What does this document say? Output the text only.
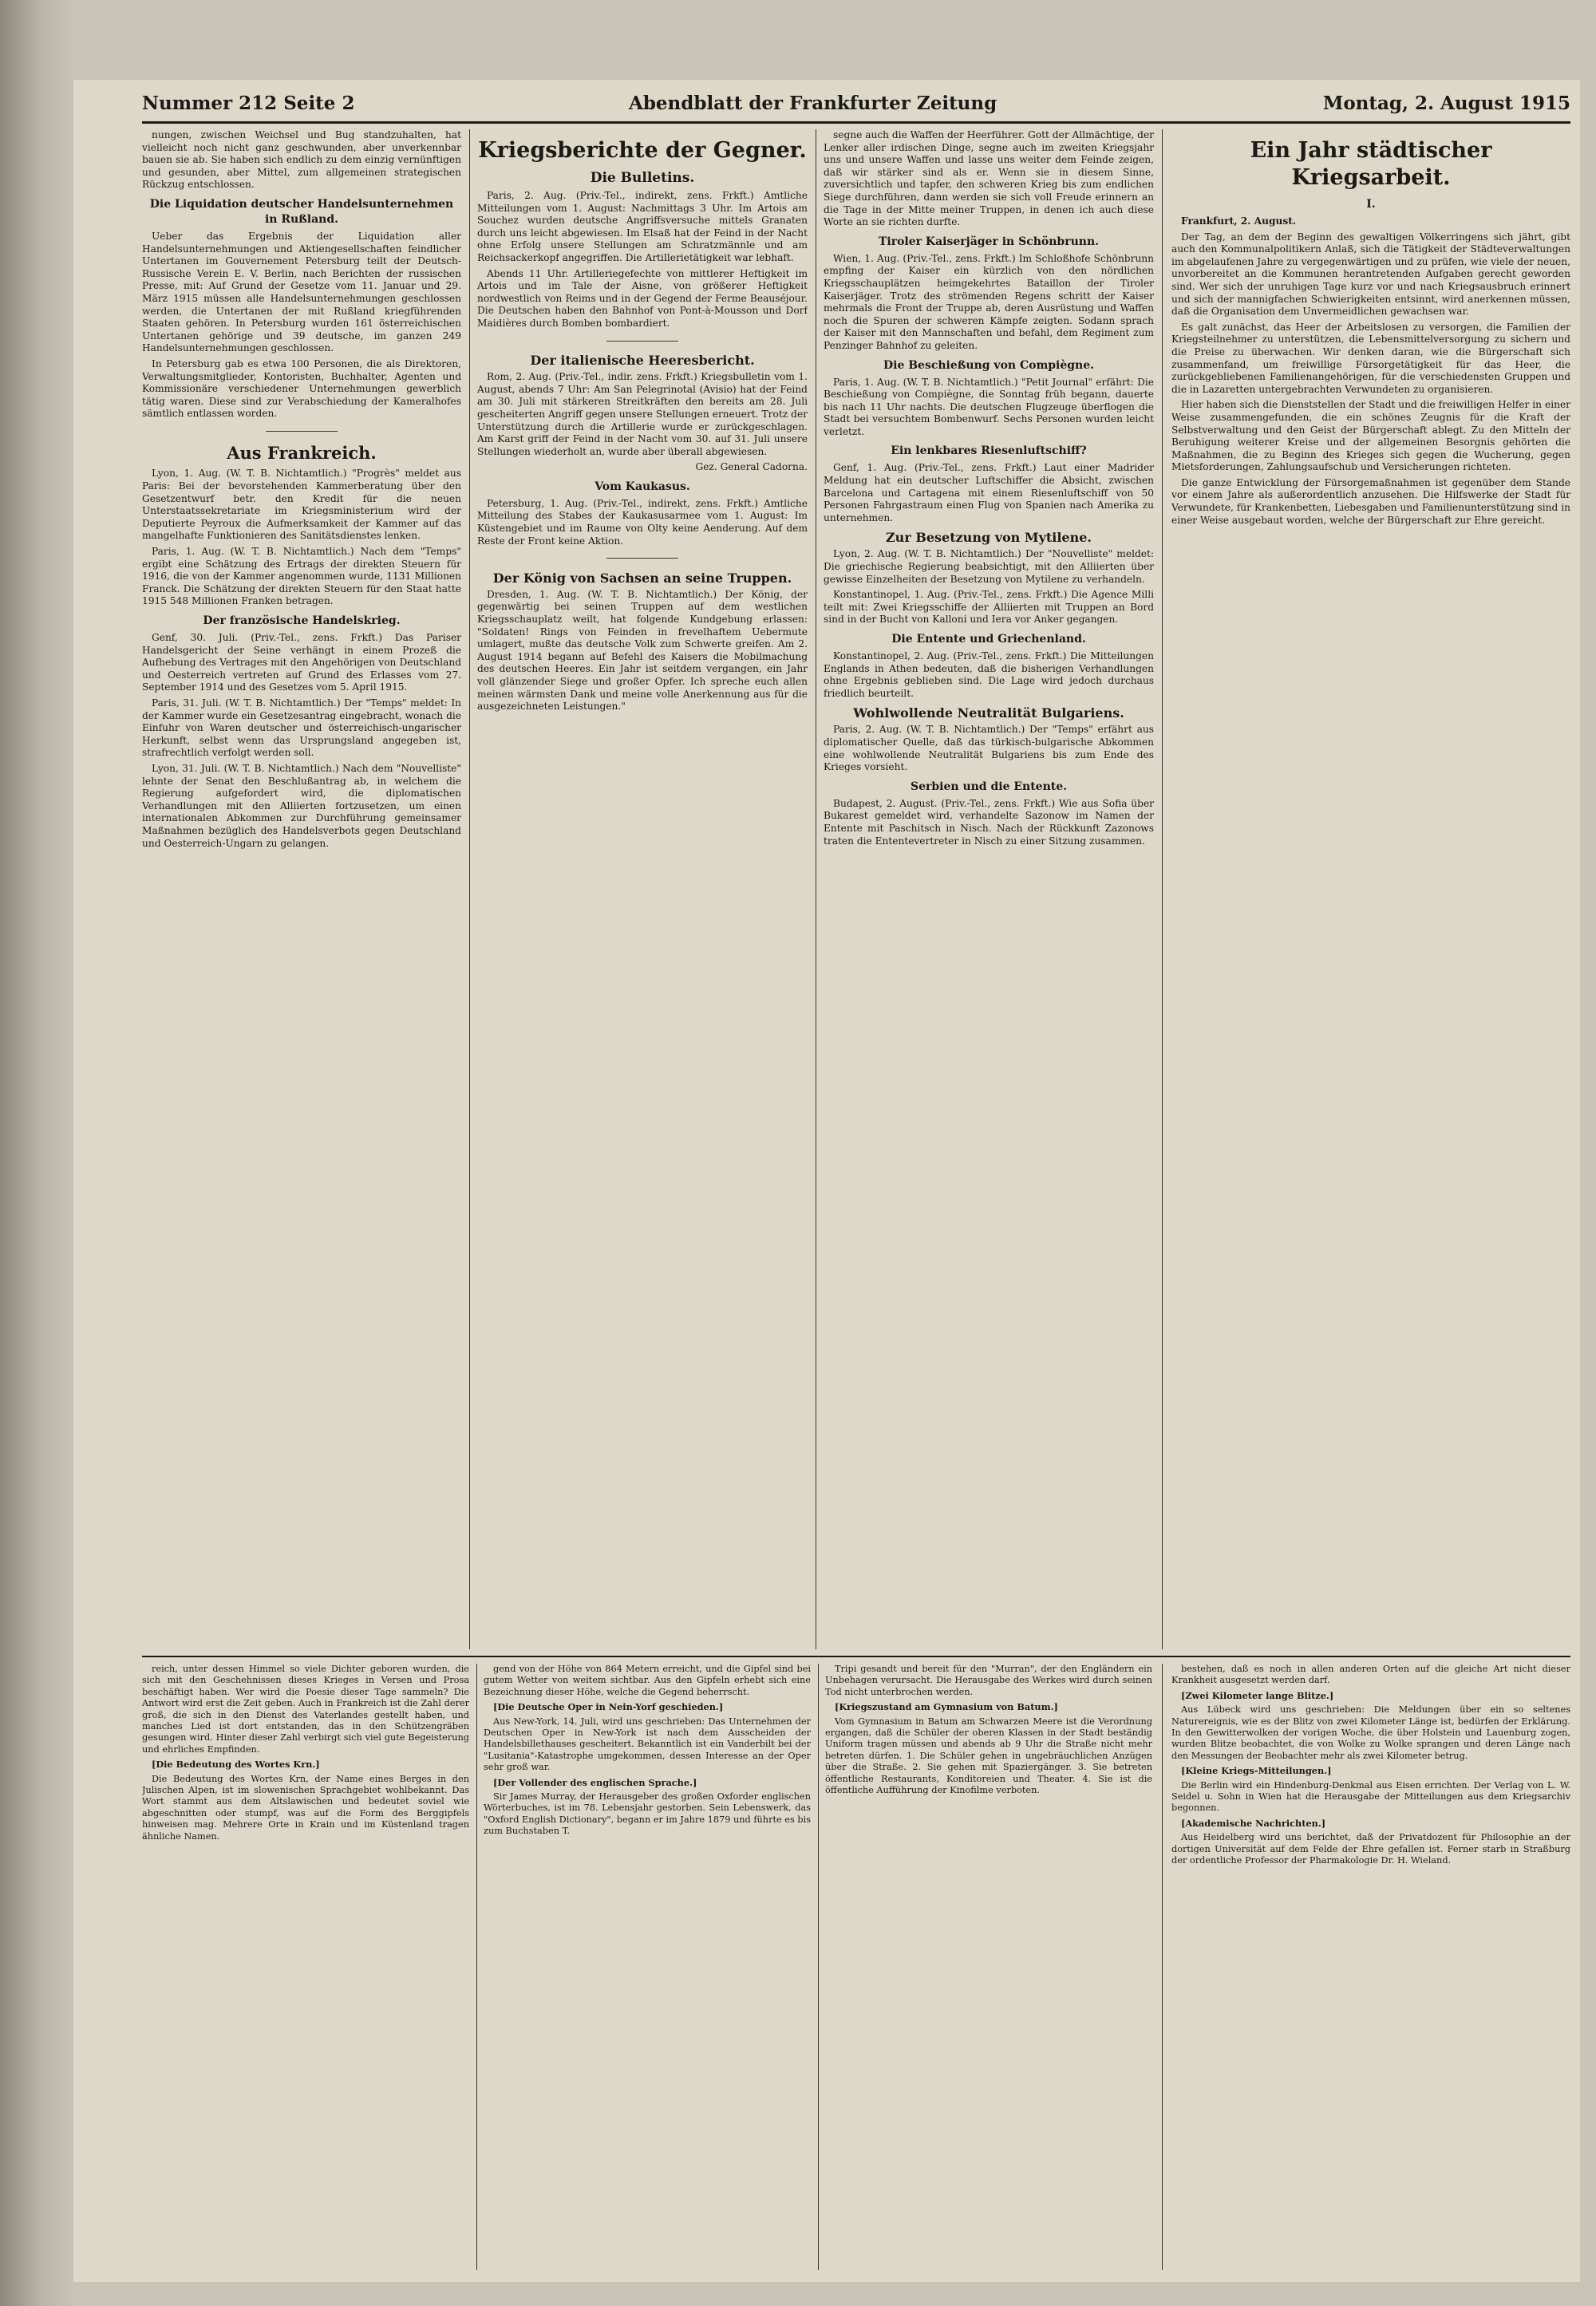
Nummer 212 Seite 2	Abendblatt der Frankfurter Zeitung	Montag, 2. August 1915

nungen, zwischen Weichsel und Bug standzuhalten, hat vielleicht noch nicht ganz geschwunden, aber unverkennbar bauen sie ab. Sie haben sich endlich zu dem einzig vernünftigen und gesunden, aber Mittel, zum allgemeinen strategischen Rückzug entschlossen.

Die Liquidation deutscher Handelsunternehmen in Rußland.

Ueber das Ergebnis der Liquidation aller Handelsunternehmungen und Aktiengesellschaften feindlicher Untertanen im Gouvernement Petersburg teilt der Deutsch-Russische Verein E. V. Berlin, nach Berichten der russischen Presse, mit: Auf Grund der Gesetze vom 11. Januar und 29. März 1915 müssen alle Handelsunternehmungen geschlossen werden, die Untertanen der mit Rußland kriegführenden Staaten gehören. In Petersburg wurden 161 österreichischen Untertanen gehörige und 39 deutsche, im ganzen 249 Handelsunternehmungen geschlossen.

In Petersburg gab es etwa 100 Personen, die als Direktoren, Verwaltungsmitglieder, Kontoristen, Buchhalter, Agenten und Kommissionäre verschiedener Unternehmungen gewerblich tätig waren. Diese sind zur Verabschiedung der Kameralhofes sämtlich entlassen worden.

Aus Frankreich.

Lyon, 1. Aug. (W. T. B. Nichtamtlich.) "Progrès" meldet aus Paris: Bei der bevorstehenden Kammerberatung über den Gesetzentwurf betr. den Kredit für die neuen Unterstaatssekretariate im Kriegsministerium wird der Deputierte Peyroux die Aufmerksamkeit der Kammer auf das mangelhafte Funktionieren des Sanitätsdienstes lenken.

Paris, 1. Aug. (W. T. B. Nichtamtlich.) Nach dem "Temps" ergibt eine Schätzung des Ertrags der direkten Steuern für 1916, die von der Kammer angenommen wurde, 1131 Millionen Franck. Die Schätzung der direkten Steuern für den Staat hatte 1915 548 Millionen Franken betragen.

Der französische Handelskrieg.

Genf, 30. Juli. (Priv.-Tel., zens. Frkft.) Das Pariser Handelsgericht der Seine verhängt in einem Prozeß die Aufhebung des Vertrages mit den Angehörigen von Deutschland und Oesterreich vertreten auf Grund des Erlasses vom 27. September 1914 und des Gesetzes vom 5. April 1915.

Paris, 31. Juli. (W. T. B. Nichtamtlich.) Der "Temps" meldet: In der Kammer wurde ein Gesetzesantrag eingebracht, wonach die Einfuhr von Waren deutscher und österreichisch-ungarischer Herkunft, selbst wenn das Ursprungsland angegeben ist, strafrechtlich verfolgt werden soll.

Lyon, 31. Juli. (W. T. B. Nichtamtlich.) Nach dem "Nouvelliste" lehnte der Senat den Beschlußantrag ab, in welchem die Regierung aufgefordert wird, die diplomatischen Verhandlungen mit den Alliierten fortzusetzen, um einen internationalen Abkommen zur Durchführung gemeinsamer Maßnahmen bezüglich des Handelsverbots gegen Deutschland und Oesterreich-Ungarn zu gelangen.

Kriegsberichte der Gegner.
Die Bulletins.

Paris, 2. Aug. (Priv.-Tel., indirekt, zens. Frkft.) Amtliche Mitteilungen vom 1. August: Nachmittags 3 Uhr. Im Artois am Souchez wurden deutsche Angriffsversuche mittels Granaten durch uns leicht abgewiesen. Im Elsaß hat der Feind in der Nacht ohne Erfolg unsere Stellungen am Schratzmännle und am Reichsackerkopf angegriffen. Die Artillerietätigkeit war lebhaft.

Abends 11 Uhr. Artilleriegefechte von mittlerer Heftigkeit im Artois und im Tale der Aisne, von größerer Heftigkeit nordwestlich von Reims und in der Gegend der Ferme Beauséjour. Die Deutschen haben den Bahnhof von Pont-à-Mousson und Dorf Maidières durch Bomben bombardiert.

Der italienische Heeresbericht.

Rom, 2. Aug. (Priv.-Tel., indir. zens. Frkft.) Kriegsbulletin vom 1. August, abends 7 Uhr: Am San Pelegrinotal (Avisio) hat der Feind am 30. Juli mit stärkeren Streitkräften den bereits am 28. Juli gescheiterten Angriff gegen unsere Stellungen erneuert. Trotz der Unterstützung durch die Artillerie wurde er zurückgeschlagen. Am Karst griff der Feind in der Nacht vom 30. auf 31. Juli unsere Stellungen wiederholt an, wurde aber überall abgewiesen.

Gez. General Cadorna.

Vom Kaukasus.

Petersburg, 1. Aug. (Priv.-Tel., indirekt, zens. Frkft.) Amtliche Mitteilung des Stabes der Kaukasusarmee vom 1. August: Im Küstengebiet und im Raume von Olty keine Aenderung. Auf dem Reste der Front keine Aktion.

Der König von Sachsen an seine Truppen.

Dresden, 1. Aug. (W. T. B. Nichtamtlich.) Der König, der gegenwärtig bei seinen Truppen auf dem westlichen Kriegsschauplatz weilt, hat folgende Kundgebung erlassen: "Soldaten! Rings von Feinden in frevelhaftem Uebermute umlagert, mußte das deutsche Volk zum Schwerte greifen. Am 2. August 1914 begann auf Befehl des Kaisers die Mobilmachung des deutschen Heeres. Ein Jahr ist seitdem vergangen, ein Jahr voll glänzender Siege und großer Opfer. Ich spreche euch allen meinen wärmsten Dank und meine volle Anerkennung aus für die ausgezeichneten Leistungen."

segne auch die Waffen der Heerführer. Gott der Allmächtige, der Lenker aller irdischen Dinge, segne auch im zweiten Kriegsjahr uns und unsere Waffen und lasse uns weiter dem Feinde zeigen, daß wir stärker sind als er. Wenn sie in diesem Sinne, zuversichtlich und tapfer, den schweren Krieg bis zum endlichen Siege durchführen, dann werden sie sich voll Freude erinnern an die Tage in der Mitte meiner Truppen, in denen ich auch diese Worte an sie richten durfte.

Tiroler Kaiserjäger in Schönbrunn.

Wien, 1. Aug. (Priv.-Tel., zens. Frkft.) Im Schloßhofe Schönbrunn empfing der Kaiser ein kürzlich von den nördlichen Kriegsschauplätzen heimgekehrtes Bataillon der Tiroler Kaiserjäger. Trotz des strömenden Regens schritt der Kaiser mehrmals die Front der Truppe ab, deren Ausrüstung und Waffen noch die Spuren der schweren Kämpfe zeigten. Sodann sprach der Kaiser mit den Mannschaften und befahl, dem Regiment zum Penzinger Bahnhof zu geleiten.

Die Beschießung von Compiègne.

Paris, 1. Aug. (W. T. B. Nichtamtlich.) "Petit Journal" erfährt: Die Beschießung von Compiègne, die Sonntag früh begann, dauerte bis nach 11 Uhr nachts. Die deutschen Flugzeuge überflogen die Stadt bei versuchtem Bombenwurf. Sechs Personen wurden leicht verletzt.

Ein lenkbares Riesenluftschiff?

Genf, 1. Aug. (Priv.-Tel., zens. Frkft.) Laut einer Madrider Meldung hat ein deutscher Luftschiffer die Absicht, zwischen Barcelona und Cartagena mit einem Riesenluftschiff von 50 Personen Fahrgastraum einen Flug von Spanien nach Amerika zu unternehmen.

Zur Besetzung von Mytilene.

Lyon, 2. Aug. (W. T. B. Nichtamtlich.) Der "Nouvelliste" meldet: Die griechische Regierung beabsichtigt, mit den Alliierten über gewisse Einzelheiten der Besetzung von Mytilene zu verhandeln.

Konstantinopel, 1. Aug. (Priv.-Tel., zens. Frkft.) Die Agence Milli teilt mit: Zwei Kriegsschiffe der Alliierten mit Truppen an Bord sind in der Bucht von Kalloni und Iera vor Anker gegangen.

Die Entente und Griechenland.

Konstantinopel, 2. Aug. (Priv.-Tel., zens. Frkft.) Die Mitteilungen Englands in Athen bedeuten, daß die bisherigen Verhandlungen ohne Ergebnis geblieben sind. Die Lage wird jedoch durchaus friedlich beurteilt.

Wohlwollende Neutralität Bulgariens.

Paris, 2. Aug. (W. T. B. Nichtamtlich.) Der "Temps" erfährt aus diplomatischer Quelle, daß das türkisch-bulgarische Abkommen eine wohlwollende Neutralität Bulgariens bis zum Ende des Krieges vorsieht.

Serbien und die Entente.

Budapest, 2. August. (Priv.-Tel., zens. Frkft.) Wie aus Sofia über Bukarest gemeldet wird, verhandelte Sazonow im Namen der Entente mit Paschitsch in Nisch. Nach der Rückkunft Zazonows traten die Ententevertreter in Nisch zu einer Sitzung zusammen.

Ein Jahr städtischer Kriegsarbeit.
I.

Frankfurt, 2. August.

Der Tag, an dem der Beginn des gewaltigen Völkerringens sich jährt, gibt auch den Kommunalpolitikern Anlaß, sich die Tätigkeit der Städteverwaltungen im abgelaufenen Jahre zu vergegenwärtigen und zu prüfen, wie viele der neuen, unvorbereitet an die Kommunen herantretenden Aufgaben gerecht geworden sind. Wer sich der unruhigen Tage kurz vor und nach Kriegsausbruch erinnert und sich der mannigfachen Schwierigkeiten entsinnt, wird anerkennen müssen, daß die Organisation dem Unvermeidlichen gewachsen war.

Es galt zunächst, das Heer der Arbeitslosen zu versorgen, die Familien der Kriegsteilnehmer zu unterstützen, die Lebensmittelversorgung zu sichern und die Preise zu überwachen. Wir denken daran, wie die Bürgerschaft sich zusammenfand, um freiwillige Fürsorgetätigkeit für das Heer, die zurückgebliebenen Familienangehörigen, für die verschiedensten Gruppen und die in Lazaretten untergebrachten Verwundeten zu organisieren.

Hier haben sich die Dienststellen der Stadt und die freiwilligen Helfer in einer Weise zusammengefunden, die ein schönes Zeugnis für die Kraft der Selbstverwaltung und den Geist der Bürgerschaft ablegt. Zu den Mitteln der Beruhigung weiterer Kreise und der allgemeinen Besorgnis gehörten die Maßnahmen, die zu Beginn des Krieges sich gegen die Wucherung, gegen Mietsforderungen, Zahlungsaufschub und Versicherungen richteten.

Die ganze Entwicklung der Fürsorgemaßnahmen ist gegenüber dem Stande vor einem Jahre als außerordentlich anzusehen. Die Hilfswerke der Stadt für Verwundete, für Krankenbetten, Liebesgaben und Familienunterstützung sind in einer Weise ausgebaut worden, welche der Bürgerschaft zur Ehre gereicht.

reich, unter dessen Himmel so viele Dichter geboren wurden, die sich mit den Geschehnissen dieses Krieges in Versen und Prosa beschäftigt haben. Wer wird die Poesie dieser Tage sammeln? Die Antwort wird erst die Zeit geben. Auch in Frankreich ist die Zahl derer groß, die sich in den Dienst des Vaterlandes gestellt haben, und manches Lied ist dort entstanden, das in den Schützengräben gesungen wird. Hinter dieser Zahl verbirgt sich viel gute Begeisterung und ehrliches Empfinden.

[Die Bedeutung des Wortes Krn.]

Die Bedeutung des Wortes Krn, der Name eines Berges in den Julischen Alpen, ist im slowenischen Sprachgebiet wohlbekannt. Das Wort stammt aus dem Altslawischen und bedeutet soviel wie abgeschnitten oder stumpf, was auf die Form des Berggipfels hinweisen mag. Mehrere Orte in Krain und im Küstenland tragen ähnliche Namen.

gend von der Höhe von 864 Metern erreicht, und die Gipfel sind bei gutem Wetter von weitem sichtbar. Aus den Gipfeln erhebt sich eine Bezeichnung dieser Höhe, welche die Gegend beherrscht.

[Die Deutsche Oper in Nein-Yorf geschieden.]

Aus New-York, 14. Juli, wird uns geschrieben: Das Unternehmen der Deutschen Oper in New-York ist nach dem Ausscheiden der Handelsbillethauses gescheitert. Bekanntlich ist ein Vanderbilt bei der "Lusitania"-Katastrophe umgekommen, dessen Interesse an der Oper sehr groß war.

[Der Vollender des englischen Sprache.]

Sir James Murray, der Herausgeber des großen Oxforder englischen Wörterbuches, ist im 78. Lebensjahr gestorben. Sein Lebenswerk, das "Oxford English Dictionary", begann er im Jahre 1879 und führte es bis zum Buchstaben T.

Tripi gesandt und bereit für den "Murran", der den Engländern ein Unbehagen verursacht. Die Herausgabe des Werkes wird durch seinen Tod nicht unterbrochen werden.

[Kriegszustand am Gymnasium von Batum.]

Vom Gymnasium in Batum am Schwarzen Meere ist die Verordnung ergangen, daß die Schüler der oberen Klassen in der Stadt beständig Uniform tragen müssen und abends ab 9 Uhr die Straße nicht mehr betreten dürfen. 1. Die Schüler gehen in ungebräuchlichen Anzügen über die Straße. 2. Sie gehen mit Spaziergänger. 3. Sie betreten öffentliche Restaurants, Konditoreien und Theater. 4. Sie ist die öffentliche Aufführung der Kinofilme verboten.

bestehen, daß es noch in allen anderen Orten auf die gleiche Art nicht dieser Krankheit ausgesetzt werden darf.

[Zwei Kilometer lange Blitze.]

Aus Lübeck wird uns geschrieben: Die Meldungen über ein so seltenes Naturereignis, wie es der Blitz von zwei Kilometer Länge ist, bedürfen der Erklärung. In den Gewitterwolken der vorigen Woche, die über Holstein und Lauenburg zogen, wurden Blitze beobachtet, die von Wolke zu Wolke sprangen und deren Länge nach den Messungen der Beobachter mehr als zwei Kilometer betrug.

[Kleine Kriegs-Mitteilungen.]

Die Berlin wird ein Hindenburg-Denkmal aus Eisen errichten. Der Verlag von L. W. Seidel u. Sohn in Wien hat die Herausgabe der Mitteilungen aus dem Kriegsarchiv begonnen.

[Akademische Nachrichten.]

Aus Heidelberg wird uns berichtet, daß der Privatdozent für Philosophie an der dortigen Universität auf dem Felde der Ehre gefallen ist. Ferner starb in Straßburg der ordentliche Professor der Pharmakologie Dr. H. Wieland.
